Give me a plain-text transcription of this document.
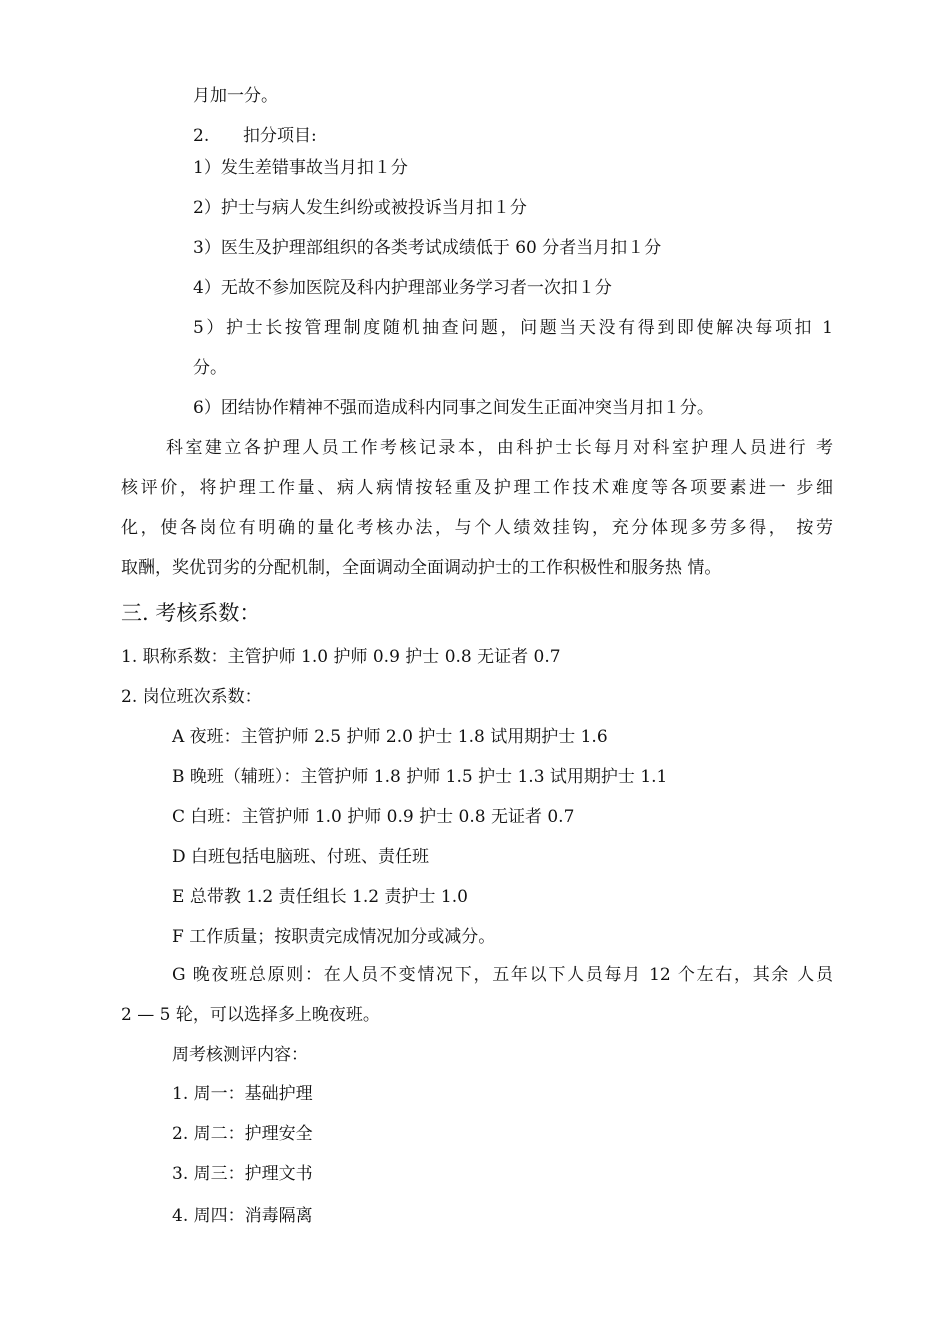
月加一分。
2. 扣分项目:
1）发生差错事故当月扣１分
2）护士与病人发生纠纷或被投诉当月扣１分
3）医生及护理部组织的各类考试成绩低于 60 分者当月扣１分
4）无故不参加医院及科内护理部业务学习者一次扣１分
5）护士长按管理制度随机抽查问题，问题当天没有得到即使解决每项扣 1
分。
6）团结协作精神不强而造成科内同事之间发生正面冲突当月扣１分。
科室建立各护理人员工作考核记录本，由科护士长每月对科室护理人员进行 考
核评价，将护理工作量、病人病情按轻重及护理工作技术难度等各项要素进一 步细
化，使各岗位有明确的量化考核办法，与个人绩效挂钩，充分体现多劳多得， 按劳
取酬，奖优罚劣的分配机制，全面调动全面调动护士的工作积极性和服务热 情。
三. 考核系数：
1. 职称系数：主管护师 1.0 护师 0.9 护士 0.8 无证者 0.7
2. 岗位班次系数：
A 夜班：主管护师 2.5 护师 2.0 护士 1.8 试用期护士 1.6
B 晚班（辅班）：主管护师 1.8 护师 1.5 护士 1.3 试用期护士 1.1
C 白班：主管护师 1.0 护师 0.9 护士 0.8 无证者 0.7
D 白班包括电脑班、付班、责任班
E 总带教 1.2 责任组长 1.2 责护士 1.0
F 工作质量；按职责完成情况加分或减分。
G 晚夜班总原则：在人员不变情况下，五年以下人员每月 12 个左右，其余 人员
2 — 5 轮，可以选择多上晚夜班。
周考核测评内容：
1. 周一：基础护理
2. 周二：护理安全
3. 周三：护理文书
4. 周四：消毒隔离
